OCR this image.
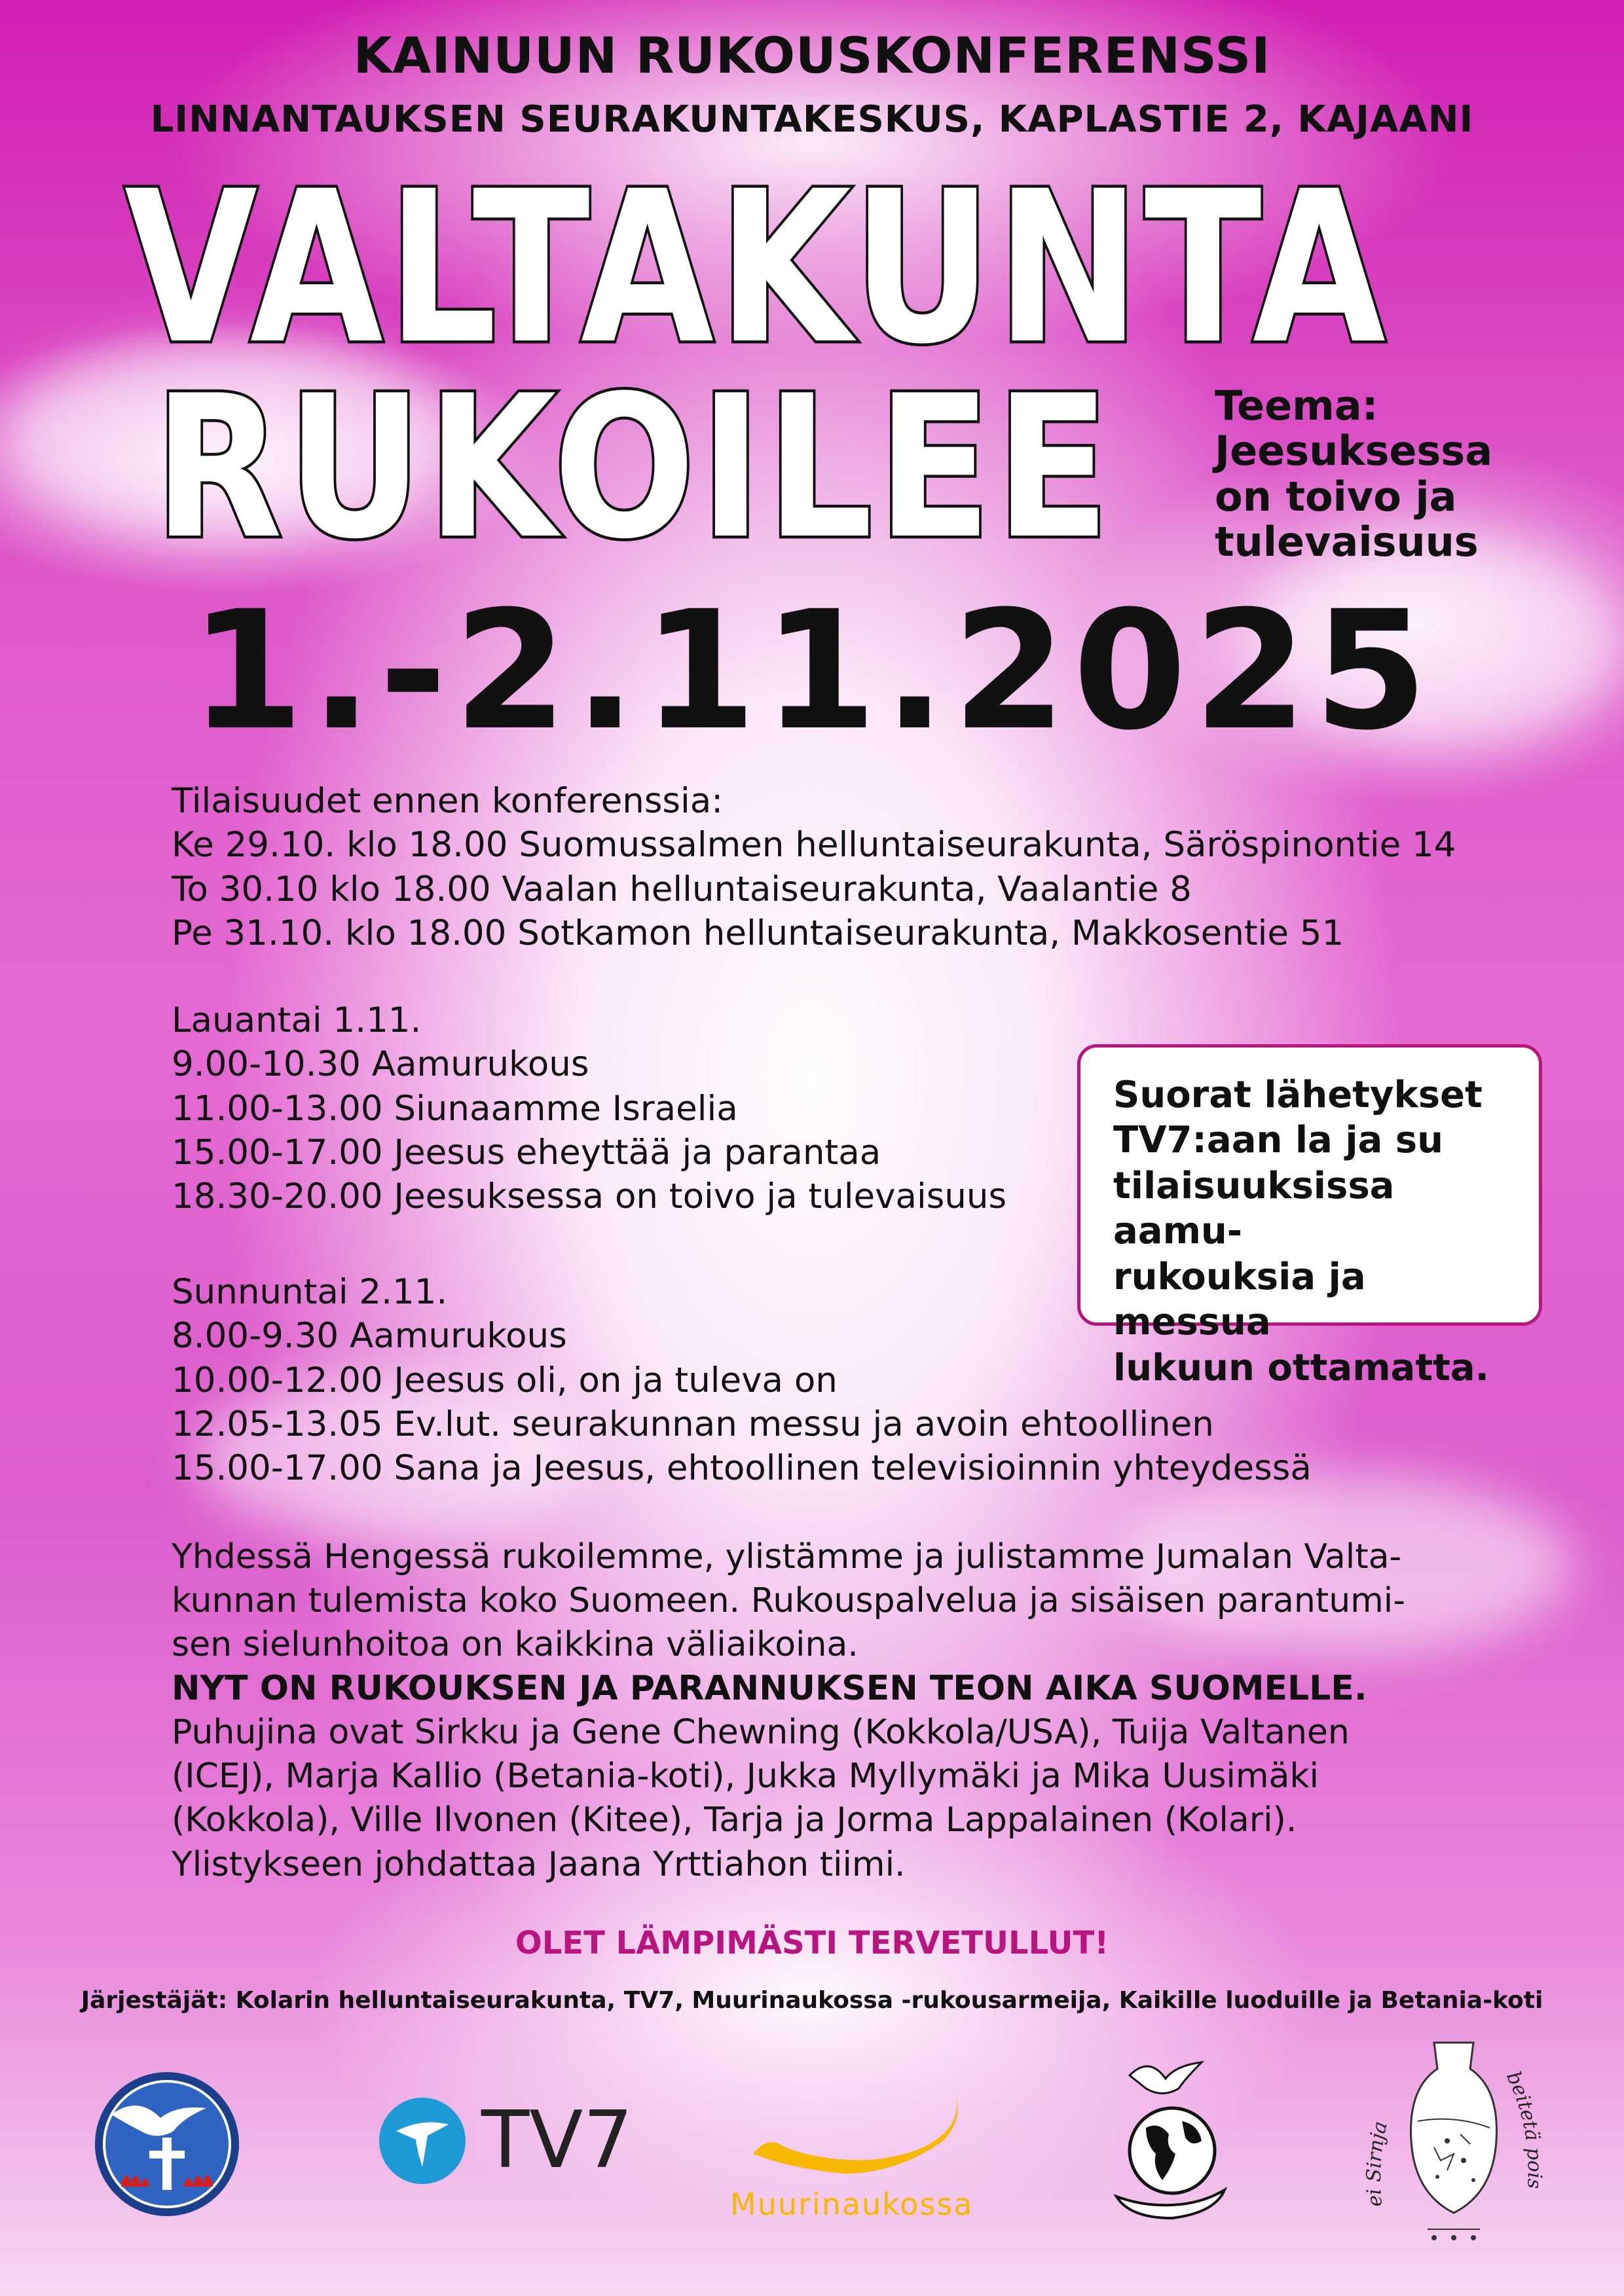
KAINUUN RUKOUSKONFERENSSI
LINNANTAUKSEN SEURAKUNTAKESKUS, KAPLASTIE 2, KAJAANI
VALTAKUNTA
RUKOILEE Teema:
Jeesuksessa
on toivo ja
tulevaisuus
1.-2.11.2025
Tilaisuudet ennen konferenssia:
Ke 29.10. klo 18.00 Suomussalmen helluntaiseurakunta, Säröspinontie 14
To 30.10 klo 18.00 Vaalan helluntaiseurakunta, Vaalantie 8
Pe 31.10. klo 18.00 Sotkamon helluntaiseurakunta, Makkosentie 51
Lauantai 1.11.
9.00-10.30 Aamurukous
11.00-13.00 Siunaamme Israelia
15.00-17.00 Jeesus eheyttää ja parantaa
18.30-20.00 Jeesuksessa on toivo ja tulevaisuus
Suorat lähetykset
TV7:aan la ja su
tilaisuuksissa aamu-
rukouksia ja messua
lukuun ottamatta.
Sunnuntai 2.11.
8.00-9.30 Aamurukous
10.00-12.00 Jeesus oli, on ja tuleva on
12.05-13.05 Ev.lut. seurakunnan messu ja avoin ehtoollinen
15.00-17.00 Sana ja Jeesus, ehtoollinen televisioinnin yhteydessä
Yhdessä Hengessä rukoilemme, ylistämme ja julistamme Jumalan Valta-
kunnan tulemista koko Suomeen. Rukouspalvelua ja sisäisen parantumi-
sen sielunhoitoa on kaikkina väliaikoina.
NYT ON RUKOUKSEN JA PARANNUKSEN TEON AIKA SUOMELLE.
Puhujina ovat Sirkku ja Gene Chewning (Kokkola/USA), Tuija Valtanen
(ICEJ), Marja Kallio (Betania-koti), Jukka Myllymäki ja Mika Uusimäki
(Kokkola), Ville Ilvonen (Kitee), Tarja ja Jorma Lappalainen (Kolari).
Ylistykseen johdattaa Jaana Yrttiahon tiimi.
OLET LÄMPIMÄSTI TERVETULLUT!
Järjestäjät: Kolarin helluntaiseurakunta, TV7, Muurinaukossa -rukousarmeija, Kaikille luoduille ja Betania-koti
TV7
Muurinaukossa	ei Sirnja
beitetä pois
